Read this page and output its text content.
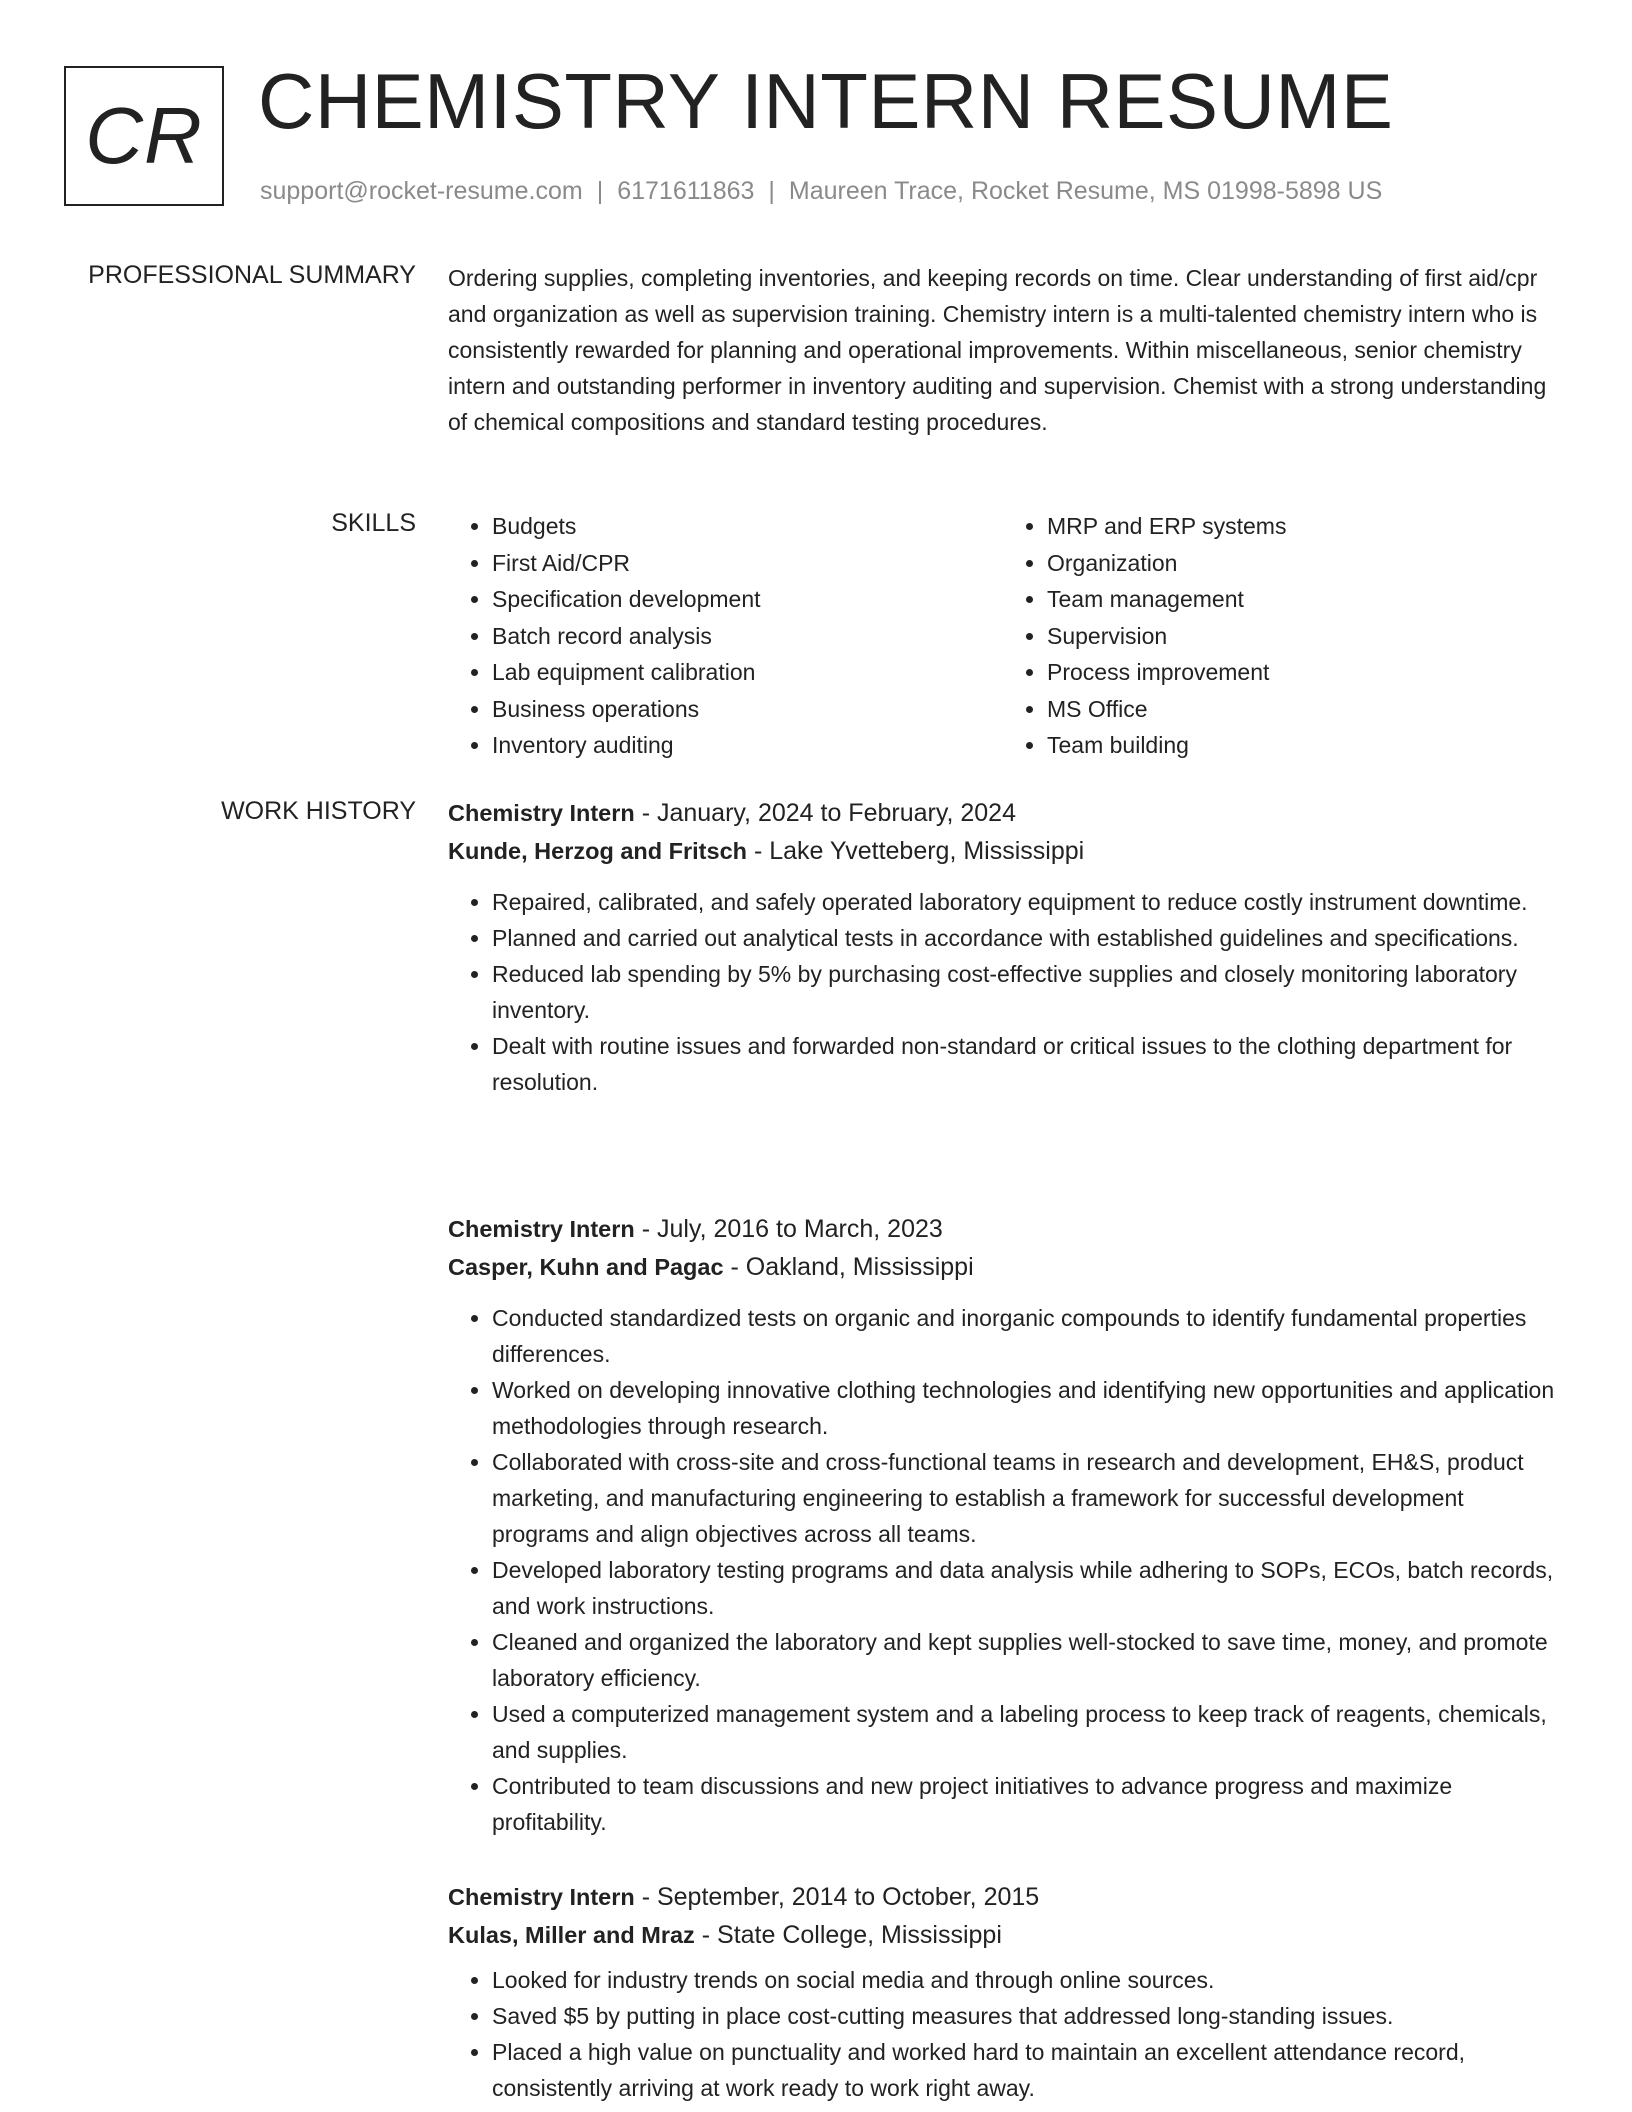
CR CHEMISTRY INTERN RESUME
support@rocket-resume.com | 6171611863 | Maureen Trace, Rocket Resume, MS 01998-5898 US
PROFESSIONAL SUMMARY Ordering supplies, completing inventories, and keeping records on time. Clear understanding of first aid/cpr and organization as well as supervision training. Chemistry intern is a multi-talented chemistry intern who is consistently rewarded for planning and operational improvements. Within miscellaneous, senior chemistry intern and outstanding performer in inventory auditing and supervision. Chemist with a strong understanding of chemical compositions and standard testing procedures.

SKILLS
•	Budgets
• First Aid/CPR
• Specification development
• Batch record analysis
• Lab equipment calibration
• Business operations
• Inventory auditing
• MRP and ERP systems
• Organization
• Team management
• Supervision
• Process improvement
• MS Office
• Team building
WORK HISTORY Chemistry Intern - January, 2024 to February, 2024
Kunde, Herzog and Fritsch - Lake Yvetteberg, Mississippi
• Repaired, calibrated, and safely operated laboratory equipment to reduce costly instrument downtime.
• Planned and carried out analytical tests in accordance with established guidelines and specifications.
• Reduced lab spending by 5% by purchasing cost-effective supplies and closely monitoring laboratory inventory.
• Dealt with routine issues and forwarded non-standard or critical issues to the clothing department for resolution.
Chemistry Intern - July, 2016 to March, 2023
Casper, Kuhn and Pagac - Oakland, Mississippi
• Conducted standardized tests on organic and inorganic compounds to identify fundamental properties differences.
• Worked on developing innovative clothing technologies and identifying new opportunities and application methodologies through research.
• Collaborated with cross-site and cross-functional teams in research and development, EH&S, product marketing, and manufacturing engineering to establish a framework for successful development programs and align objectives across all teams.
• Developed laboratory testing programs and data analysis while adhering to SOPs, ECOs, batch records, and work instructions.
• Cleaned and organized the laboratory and kept supplies well-stocked to save time, money, and promote laboratory efficiency.
• Used a computerized management system and a labeling process to keep track of reagents, chemicals, and supplies.
• Contributed to team discussions and new project initiatives to advance progress and maximize profitability.
Chemistry Intern - September, 2014 to October, 2015
Kulas, Miller and Mraz - State College, Mississippi
• Looked for industry trends on social media and through online sources.
• Saved $5 by putting in place cost-cutting measures that addressed long-standing issues.
• Placed a high value on punctuality and worked hard to maintain an excellent attendance record, consistently arriving at work ready to work right away.
